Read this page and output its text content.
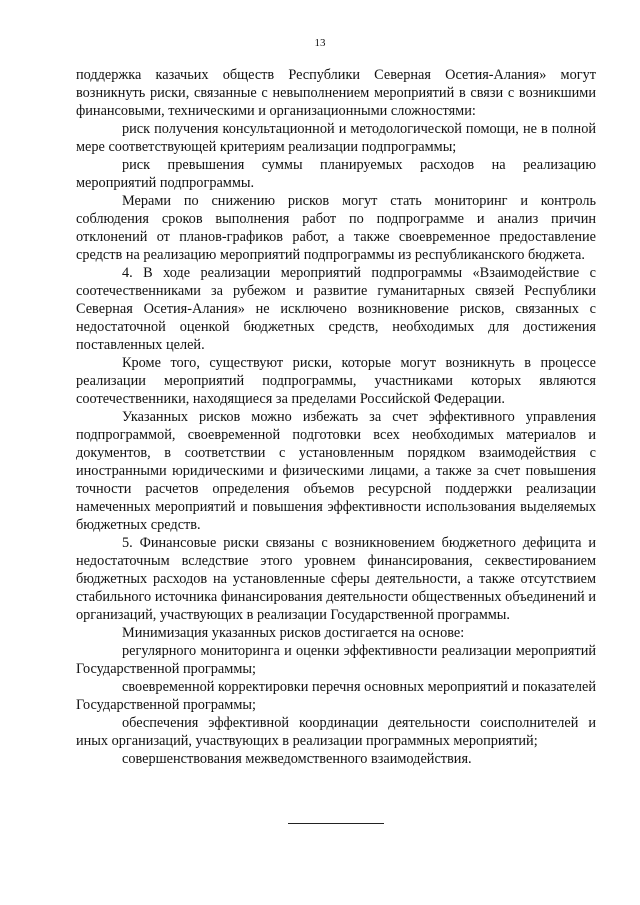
13

поддержка казачьих обществ Республики Северная Осетия-Алания» могут возникнуть риски, связанные с невыполнением мероприятий в связи с возникшими финансовыми, техническими и организационными сложностями:

риск получения консультационной и методологической помощи, не в полной мере соответствующей критериям реализации подпрограммы;

риск превышения суммы планируемых расходов на реализацию мероприятий подпрограммы.

Мерами по снижению рисков могут стать мониторинг и контроль соблюдения сроков выполнения работ по подпрограмме и анализ причин отклонений от планов-графиков работ, а также своевременное предоставление средств на реализацию мероприятий подпрограммы из республиканского бюджета.

4. В ходе реализации мероприятий подпрограммы «Взаимодействие с соотечественниками за рубежом и развитие гуманитарных связей Республики Северная Осетия-Алания» не исключено возникновение рисков, связанных с недостаточной оценкой бюджетных средств, необходимых для достижения поставленных целей.

Кроме того, существуют риски, которые могут возникнуть в процессе реализации мероприятий подпрограммы, участниками которых являются соотечественники, находящиеся за пределами Российской Федерации.

Указанных рисков можно избежать за счет эффективного управления подпрограммой, своевременной подготовки всех необходимых материалов и документов, в соответствии с установленным порядком взаимодействия с иностранными юридическими и физическими лицами, а также за счет повышения точности расчетов определения объемов ресурсной поддержки реализации намеченных мероприятий и повышения эффективности использования выделяемых бюджетных средств.

5. Финансовые риски связаны с возникновением бюджетного дефицита и недостаточным вследствие этого уровнем финансирования, секвестированием бюджетных расходов на установленные сферы деятельности, а также отсутствием стабильного источника финансирования деятельности общественных объединений и организаций, участвующих в реализации Государственной программы.

Минимизация указанных рисков достигается на основе:

регулярного мониторинга и оценки эффективности реализации мероприятий Государственной программы;

своевременной корректировки перечня основных мероприятий и показателей Государственной программы;

обеспечения эффективной координации деятельности соисполнителей и иных организаций, участвующих в реализации программных мероприятий;

совершенствования межведомственного взаимодействия.
